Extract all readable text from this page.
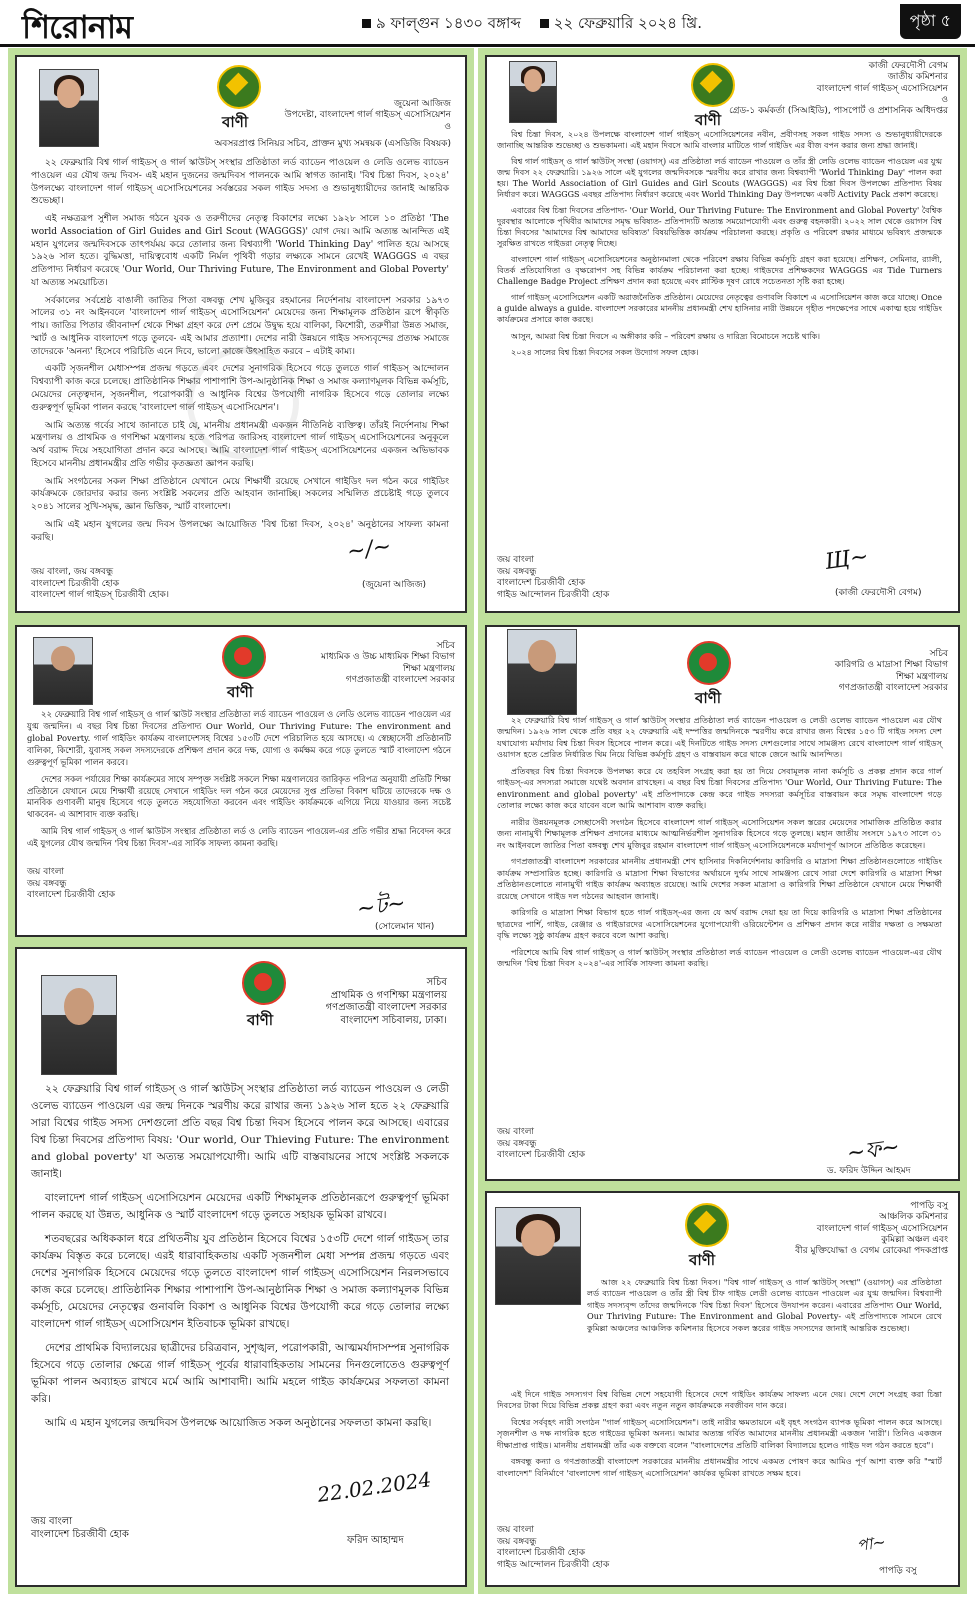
শিরোনাম	৯ ফাল্গুন ১৪৩০ বঙ্গাব্দ ২২ ফেব্রুয়ারি ২০২৪ খ্রি.	পৃষ্ঠা ৫
বাণী
জুয়েনা আজিজ
উপদেষ্টা, বাংলাদেশ গার্ল গাইডস্ এসোসিয়েশন
ও
অবসরপ্রাপ্ত সিনিয়র সচিব, প্রাক্তন মুখ্য সমন্বয়ক (এসডিজি বিষয়ক)

২২ ফেব্রুয়ারি বিশ্ব গার্ল গাইডস্ ও গার্ল স্কাউটস্ সংস্থার প্রতিষ্ঠাতা লর্ড ব্যাডেন পাওয়েল ও লেডি ওলেভ ব্যাডেন পাওয়েল এর যৌথ জন্ম দিবস- এই মহান দুজনের জন্মদিবস পালনকে আমি স্বাগত জানাই। 'বিশ্ব চিন্তা দিবস, ২০২৪' উপলক্ষ্যে বাংলাদেশ গার্ল গাইডস্ এসোসিয়েশনের সর্বস্তরের সকল গাইড সদস্য ও শুভানুধ্যায়ীদের জানাই আন্তরিক শুভেচ্ছা।

এই নক্ষত্ররূপ সুশীল সমাজ গঠনে যুবক ও তরুণীদের নেতৃত্ব বিকাশের লক্ষ্যে ১৯২৮ সালে ১০ প্রতিষ্ঠা 'The world Association of Girl Guides and Girl Scout (WAGGGS)' যোগ দেয়। আমি অত্যন্ত আনন্দিত এই মহান যুগলের জন্মদিবসকে তাৎপর্যময় করে তোলার জন্য বিশ্বব্যাপী 'World Thinking Day' পালিত হয়ে আসছে ১৯২৬ সাল হতে। বুদ্ধিমত্তা, দায়িত্ববোধ একটি নির্মল পৃথিবী গড়ার লক্ষ্যকে সামনে রেখেই WAGGGS এ বছর প্রতিপাদ্য নির্ধারণ করেছে 'Our World, Our Thriving Future, The Environment and Global Poverty' যা অত্যন্ত সময়োচিত।

সর্বকালের সর্বশ্রেষ্ঠ বাঙালী জাতির পিতা বঙ্গবন্ধু শেখ মুজিবুর রহমানের নির্দেশনায় বাংলাদেশ সরকার ১৯৭৩ সালের ৩১ নং আইনবলে 'বাংলাদেশ গার্ল গাইডস্ এসোসিয়েশন' মেয়েদের জন্য শিক্ষামূলক প্রতিষ্ঠান রূপে স্বীকৃতি পায়। জাতির পিতার জীবনাদর্শ থেকে শিক্ষা গ্রহণ করে দেশ প্রেমে উদ্বুদ্ধ হয়ে বালিকা, কিশোরী, তরুণীরা উন্নত সমাজ, স্মার্ট ও আধুনিক বাংলাদেশ গড়ে তুলবে- এই আমার প্রত্যাশা। দেশের নারী উন্নয়নে গাইড সদস্যবৃন্দের প্রত্যক্ষ সমাজে তাদেরকে 'অনন্য' হিসেবে পরিচিতি এনে দিবে, ভালো কাজে উৎসাহিত করবে – এটাই কাম্য।

একটি সৃজনশীল মেধাসম্পন্ন প্রজন্ম গড়তে এবং দেশের সুনাগরিক হিসেবে গড়ে তুলতে গার্ল গাইডস্ আন্দোলন বিশ্বব্যাপী কাজ করে চলেছে। প্রাতিষ্ঠানিক শিক্ষার পাশাপাশি উপ-আনুষ্ঠানিক শিক্ষা ও সমাজ কল্যাণমূলক বিভিন্ন কর্মসূচি, মেয়েদের নেতৃত্বদান, সৃজনশীল, পরোপকারী ও আধুনিক বিশ্বের উপযোগী নাগরিক হিসেবে গড়ে তোলার লক্ষ্যে গুরুত্বপূর্ণ ভূমিকা পালন করছে 'বাংলাদেশ গার্ল গাইডস্ এসোসিয়েশন'।

আমি অত্যন্ত গর্বের সাথে জানাতে চাই যে, মাননীয় প্রধানমন্ত্রী একজন নীতিনিষ্ঠ ব্যক্তিত্ব। তাঁরই নির্দেশনায় শিক্ষা মন্ত্রণালয় ও প্রাথমিক ও গণশিক্ষা মন্ত্রণালয় হতে পরিপত্র জারিসহ বাংলাদেশ গার্ল গাইডস্ এসোসিয়েশনের অনুকূলে অর্থ বরাদ্দ দিয়ে সহযোগিতা প্রদান করে আসছে। আমি বাংলাদেশ গার্ল গাইডস্ এসোসিয়েশনের একজন অভিভাবক হিসেবে মাননীয় প্রধানমন্ত্রীর প্রতি গভীর কৃতজ্ঞতা জ্ঞাপন করছি।

আমি সংগঠনের সকল শিক্ষা প্রতিষ্ঠানে যেখানে মেয়ে শিক্ষার্থী রয়েছে সেখানে গাইডিং দল গঠন করে গাইডিং কার্যক্রমকে জোরদার করার জন্য সংশ্লিষ্ট সকলের প্রতি আহবান জানাচ্ছি। সকলের সম্মিলিত প্রচেষ্টাই গড়ে তুলবে ২০৪১ সালের সুখি-সমৃদ্ধ, জ্ঞান ভিত্তিক, স্মার্ট বাংলাদেশ।

আমি এই মহান যুগলের জন্ম দিবস উপলক্ষ্যে আয়োজিত 'বিশ্ব চিন্তা দিবস, ২০২৪' অনুষ্ঠানের সাফল্য কামনা করছি।

জয় বাংলা, জয় বঙ্গবন্ধু
বাংলাদেশ চিরজীবী হোক
বাংলাদেশ গার্ল গাইডস্ চিরজীবী হোক।
~/~
(জুয়েনা আজিজ)
বাণী
কাজী ফেরদৌসী বেগম
জাতীয় কমিশনার
বাংলাদেশ গার্ল গাইডস্ এসোসিয়েশন
ও
গ্রেড-১ কর্মকর্তা (সিআইডি), পাসপোর্ট ও প্রশাসনিক অধিদপ্তর

বিশ্ব চিন্তা দিবস, ২০২৪ উপলক্ষে বাংলাদেশ গার্ল গাইডস্ এসোসিয়েশনের নবীন, প্রবীণসহ সকল গাইড সদস্য ও শুভানুধ্যায়ীদেরকে জানাচ্ছি আন্তরিক শুভেচ্ছা ও শুভকামনা। এই মহান দিবসে আমি বাংলার মাটিতে গার্ল গাইডিং এর বীজ বপন করার জন্য শ্রদ্ধা জানাই।

বিশ্ব গার্ল গাইডস্ ও গার্ল স্কাউটস্ সংস্থা (ওয়াগস্) এর প্রতিষ্ঠাতা লর্ড ব্যাডেন পাওয়েল ও তাঁর স্ত্রী লেডি ওলেভ ব্যাডেন পাওয়েল এর যুগ্ম জন্ম দিবস ২২ ফেব্রুয়ারি। ১৯২৬ সালে এই যুগলের জন্মদিবসকে স্মরণীয় করে রাখার জন্য বিশ্বব্যাপী 'World Thinking Day' পালন করা হয়। The World Association of Girl Guides and Girl Scouts (WAGGGS) এর বিশ্ব চিন্তা দিবস উপলক্ষ্যে প্রতিপাদ্য বিষয় নির্ধারণ করে। WAGGGS এবছর প্রতিপাদ্য নির্ধারণ করেছে এবং World Thinking Day উপলক্ষ্যে একটি Activity Pack প্রকাশ করেছে।

এবারের বিশ্ব চিন্তা দিবসের প্রতিপাদ্য- 'Our World, Our Thriving Future: The Environment and Global Poverty' বৈশ্বিক দুরবস্থার আলোকে পৃথিবীর আমাদের সমৃদ্ধ ভবিষ্যত- প্রতিপাদ্যটি অত্যন্ত সময়োপযোগী এবং গুরুত্ব বহনকারী। ২০২২ সাল থেকে ওয়াগস বিশ্ব চিন্তা দিবসের 'আমাদের বিশ্ব আমাদের ভবিষ্যত' বিষয়ভিত্তিক কার্যক্রম পরিচালনা করছে। প্রকৃতি ও পরিবেশ রক্ষার মাধ্যমে ভবিষ্যৎ প্রজন্মকে সুরক্ষিত রাখতে গাইডরা নেতৃত্ব দিচ্ছে।

বাংলাদেশ গার্ল গাইডস্ এসোসিয়েশনের অনুষ্ঠানমালা থেকে পরিবেশ রক্ষায় বিভিন্ন কর্মসূচি গ্রহণ করা হয়েছে। প্রশিক্ষণ, সেমিনার, র‍্যালী, বিতর্ক প্রতিযোগিতা ও বৃক্ষরোপণ সহ বিভিন্ন কার্যক্রম পরিচালনা করা হচ্ছে। গাইডদের প্রশিক্ষকদের WAGGGS এর Tide Turners Challenge Badge Project প্রশিক্ষণ প্রদান করা হয়েছে এবং প্লাস্টিক দূষণ রোধে সচেতনতা সৃষ্টি করা হচ্ছে।

গার্ল গাইডস্ এসোসিয়েশন একটি অরাজনৈতিক প্রতিষ্ঠান। মেয়েদের নেতৃত্বের গুণাবলি বিকাশে এ এসোসিয়েশন কাজ করে যাচ্ছে। Once a guide always a guide. বাংলাদেশ সরকারের মাননীয় প্রধানমন্ত্রী শেখ হাসিনার নারী উন্নয়নে গৃহীত পদক্ষেপের সাথে একাত্ম হয়ে গাইডিং কার্যক্রমের প্রসারে কাজ করছে।

আসুন, আমরা বিশ্ব চিন্তা দিবসে এ অঙ্গীকার করি – পরিবেশ রক্ষায় ও দারিদ্র্য বিমোচনে সচেষ্ট থাকি।

২০২৪ সালের বিশ্ব চিন্তা দিবসের সকল উদ্যোগ সফল হোক।

জয় বাংলা
জয় বঙ্গবন্ধু
বাংলাদেশ চিরজীবী হোক
গাইড আন্দোলন চিরজীবী হোক
Щ~
(কাজী ফেরদৌসী বেগম)
বাণী
সচিব
মাধ্যমিক ও উচ্চ মাধ্যমিক শিক্ষা বিভাগ
শিক্ষা মন্ত্রণালয়
গণপ্রজাতন্ত্রী বাংলাদেশ সরকার

২২ ফেব্রুয়ারি বিশ্ব গার্ল গাইডস্ ও গার্ল স্কাউট সংস্থার প্রতিষ্ঠাতা লর্ড ব্যাডেন পাওয়েল ও লেডি ওলেভ ব্যাডেন পাওয়েল এর যুগ্ম জন্মদিন। এ বছর বিশ্ব চিন্তা দিবসের প্রতিপাদ্য Our World, Our Thriving Future: The environment and global Poverty. গার্ল গাইডিং কার্যক্রম বাংলাদেশসহ বিশ্বের ১৫৩টি দেশে পরিচালিত হয়ে আসছে। এ স্বেচ্ছাসেবী প্রতিষ্ঠানটি বালিকা, কিশোরী, যুবাসহ সকল সদস্যদেরকে প্রশিক্ষণ প্রদান করে দক্ষ, যোগ্য ও কর্মক্ষম করে গড়ে তুলতে স্মার্ট বাংলাদেশ গঠনে গুরুত্বপূর্ণ ভূমিকা পালন করবে।

দেশের সকল পর্যায়ের শিক্ষা কার্যক্রমের সাথে সম্পৃক্ত সংশ্লিষ্ট সকলে শিক্ষা মন্ত্রণালয়ের জারিকৃত পরিপত্র অনুযায়ী প্রতিটি শিক্ষা প্রতিষ্ঠানে যেখানে মেয়ে শিক্ষার্থী রয়েছে সেখানে গাইডিং দল গঠন করে মেয়েদের সুপ্ত প্রতিভা বিকাশ ঘটিয়ে তাদেরকে দক্ষ ও মানবিক গুণাবলী মানুষ হিসেবে গড়ে তুলতে সহযোগিতা করবেন এবং গাইডিং কার্যক্রমকে এগিয়ে নিয়ে যাওয়ার জন্য সচেষ্ট থাকবেন- এ আশাবাদ ব্যক্ত করছি।

আমি বিশ্ব গার্ল গাইডস্ ও গার্ল স্কাউটস সংস্থার প্রতিষ্ঠাতা লর্ড ও লেডি ব্যাডেন পাওয়েল-এর প্রতি গভীর শ্রদ্ধা নিবেদন করে এই যুগলের যৌথ জন্মদিন 'বিশ্ব চিন্তা দিবস'-এর সার্বিক সাফল্য কামনা করছি।

জয় বাংলা
জয় বঙ্গবন্ধু
বাংলাদেশ চিরজীবী হোক	~ট~
(সোলেমান খান)
বাণী
সচিব
কারিগরি ও মাদ্রাসা শিক্ষা বিভাগ
শিক্ষা মন্ত্রণালয়
গণপ্রজাতন্ত্রী বাংলাদেশ সরকার

২২ ফেব্রুয়ারি বিশ্ব গার্ল গাইডস্ ও গার্ল স্কাউটস্ সংস্থার প্রতিষ্ঠাতা লর্ড ব্যাডেন পাওয়েল ও লেডী ওলেভ ব্যাডেন পাওয়েল এর যৌথ জন্মদিন। ১৯২৬ সাল থেকে প্রতি বছর ২২ ফেব্রুয়ারি এই দম্পত্তির জন্মদিনকে স্মরণীয় করে রাখার জন্য বিশ্বের ১৫৩ টি গাইড সদস্য দেশ যথাযোগ্য মর্যাদায় বিশ্ব চিন্তা দিবস হিসেবে পালন করে। এই দিনটিতে গাইড সদস্য দেশগুলোর সাথে সামঞ্জস্য রেখে বাংলাদেশ গার্ল গাইডস্ ওয়াগস হতে প্রেরিত নির্ধারিত থিম নিয়ে বিভিন্ন কর্মসূচি গ্রহণ ও বাস্তবায়ন করে থাকে জেনে আমি আনন্দিত।

প্রতিবছর বিশ্ব চিন্তা দিবসকে উপলক্ষ্য করে যে তহবিল সংগ্রহ করা হয় তা দিয়ে সেবামূলক নানা কর্মসূচি ও প্রকল্প প্রদান করে গার্ল গাইডস্-এর সদস্যরা সমাজে যথেষ্ট অবদান রাখছেন। এ বছর বিশ্ব চিন্তা দিবসের প্রতিপাদ্য 'Our World, Our Thriving Future: The environment and global poverty' এই প্রতিপাদ্যকে কেন্দ্র করে গাইড সদস্যরা কর্মসূচির বাস্তবায়ন করে সমৃদ্ধ বাংলাদেশ গড়ে তোলার লক্ষ্যে কাজ করে যাবেন বলে আমি আশাবাদ ব্যক্ত করছি।

নারীর উন্নয়নমূলক সেচ্ছাসেবী সংগঠন হিসেবে বাংলাদেশ গার্ল গাইডস্ এসোসিয়েশন সকল স্তরের মেয়েদের সামাজিক প্রতিষ্ঠিত করার জন্য নানামুখী শিক্ষামূলক প্রশিক্ষণ প্রদানের মাধ্যমে আত্মনির্ভরশীল সুনাগরিক হিসেবে গড়ে তুলছে। মহান জাতীয় সংসদে ১৯৭৩ সালে ৩১ নং আইনবলে জাতির পিতা বঙ্গবন্ধু শেখ মুজিবুর রহমান বাংলাদেশ গার্ল গাইডস্ এসোসিয়েশনকে মর্যাদাপূর্ণ আসনে প্রতিষ্ঠিত করেছেন।

গণপ্রজাতন্ত্রী বাংলাদেশ সরকারের মাননীয় প্রধানমন্ত্রী শেখ হাসিনার দিকনির্দেশনায় কারিগরি ও মাদ্রাসা শিক্ষা প্রতিষ্ঠানগুলোতে গাইডিং কার্যক্রম সম্প্রসারিত হচ্ছে। কারিগরি ও মাদ্রাসা শিক্ষা বিভাগের অর্থায়নে দুর্গম সাথে সামঞ্জস্য রেখে সারা দেশে কারিগরি ও মাদ্রাসা শিক্ষা প্রতিষ্ঠানগুলোতে নানামুখী গাইড কার্যক্রম অব্যাহত রয়েছে। আমি দেশের সকল মাদ্রাসা ও কারিগরি শিক্ষা প্রতিষ্ঠানে যেখানে মেয়ে শিক্ষার্থী রয়েছে সেখানে গাইড দল গঠনের আহবান জানাই।

কারিগরি ও মাদ্রাসা শিক্ষা বিভাগ হতে গার্ল গাইডস্-এর জন্য যে অর্থ বরাদ্দ দেয়া হয় তা দিয়ে কারিগরি ও মাদ্রাসা শিক্ষা প্রতিষ্ঠানের ছাত্রদের পার্শি, গাইড, রেঞ্জার ও গাইডারদের এসোসিয়েশনের যুগোপযোগী ওরিয়েন্টেশন ও প্রশিক্ষণ প্রদান করে নারীর দক্ষতা ও সক্ষমতা বৃদ্ধি লক্ষ্যে সুষ্ঠু কার্যক্রম গ্রহণ করবে বলে আশা করছি।

পরিশেষে আমি বিশ্ব গার্ল গাইডস্ ও গার্ল স্কাউটস্ সংস্থার প্রতিষ্ঠাতা লর্ড ব্যাডেন পাওয়েল ও লেডী ওলেভ ব্যাডেন পাওয়েল-এর যৌথ জন্মদিন 'বিশ্ব চিন্তা দিবস ২০২৪'-এর সার্বিক সাফল্য কামনা করছি।

জয় বাংলা
জয় বঙ্গবন্ধু
বাংলাদেশ চিরজীবী হোক	~ফ~
ড. ফরিদ উদ্দিন আহমদ
বাণী
সচিব
প্রাথমিক ও গণশিক্ষা মন্ত্রণালয়
গণপ্রজাতন্ত্রী বাংলাদেশ সরকার
বাংলাদেশ সচিবালয়, ঢাকা।

২২ ফেব্রুয়ারি বিশ্ব গার্ল গাইডস্ ও গার্ল স্কাউটস্ সংস্থার প্রতিষ্ঠাতা লর্ড ব্যাডেন পাওয়েল ও লেডী ওলেভ ব্যাডেন পাওয়েল এর জন্ম দিনকে স্মরণীয় করে রাখার জন্য ১৯২৬ সাল হতে ২২ ফেব্রুয়ারি সারা বিশ্বের গাইড সদস্য দেশগুলো প্রতি বছর বিশ্ব চিন্তা দিবস হিসেবে পালন করে আসছে। এবারের বিশ্ব চিন্তা দিবসের প্রতিপাদ্য বিষয়: 'Our world, Our Thieving Future: The environment and global poverty' যা অত্যন্ত সময়োপযোগী। আমি এটি বাস্তবায়নের সাথে সংশ্লিষ্ট সকলকে জানাই।

বাংলাদেশ গার্ল গাইডস্ এসোসিয়েশন মেয়েদের একটি শিক্ষামূলক প্রতিষ্ঠানরূপে গুরুত্বপূর্ণ ভূমিকা পালন করছে যা উন্নত, আধুনিক ও স্মার্ট বাংলাদেশ গড়ে তুলতে সহায়ক ভূমিকা রাখবে।

শতবছরের অধিককাল ধরে প্রথিতনীয় যুব প্রতিষ্ঠান হিসেবে বিশ্বের ১৫৩টি দেশে গার্ল গাইডস্ তার কার্যক্রম বিস্তৃত করে চলেছে। এরই ধারাবাহিকতায় একটি সৃজনশীল মেধা সম্পন্ন প্রজন্ম গড়তে এবং দেশের সুনাগরিক হিসেবে মেয়েদের গড়ে তুলতে বাংলাদেশ গার্ল গাইডস্ এসোসিয়েশন নিরলসভাবে কাজ করে চলেছে। প্রাতিষ্ঠানিক শিক্ষার পাশাপাশি উপ-আনুষ্ঠানিক শিক্ষা ও সমাজ কল্যাণমূলক বিভিন্ন কর্মসূচি, মেয়েদের নেতৃত্বের গুনাবলি বিকাশ ও আধুনিক বিশ্বের উপযোগী করে গড়ে তোলার লক্ষ্যে বাংলাদেশ গার্ল গাইডস্ এসোসিয়েশন ইতিবাচক ভূমিকা রাখছে।

দেশের প্রাথমিক বিদ্যালয়ের ছাত্রীদের চরিত্রবান, সুশৃঙ্খল, পরোপকারী, আত্মমর্যাদাসম্পন্ন সুনাগরিক হিসেবে গড়ে তোলার ক্ষেত্রে গার্ল গাইডস্ পূর্বের ধারাবাহিকতায় সামনের দিনগুলোতেও গুরুত্বপূর্ণ ভূমিকা পালন অব্যাহত রাখবে মর্মে আমি আশাবাদী। আমি মহলে গাইড কার্যক্রমের সফলতা কামনা করি।

আমি এ মহান যুগলের জন্মদিবস উপলক্ষে আয়োজিত সকল অনুষ্ঠানের সফলতা কামনা করছি।

জয় বাংলা
বাংলাদেশ চিরজীবী হোক
22.02.2024
ফরিদ আহাম্মদ
বাণী
পাপড়ি বসু
আঞ্চলিক কমিশনার
বাংলাদেশ গার্ল গাইডস্ এসোসিয়েশন
কুমিল্লা অঞ্চল এবং
বীর মুক্তিযোদ্ধা ও বেগম রোকেয়া পদকপ্রাপ্ত

আজ ২২ ফেব্রুয়ারি বিশ্ব চিন্তা দিবস। "বিশ্ব গার্ল গাইডস্ ও গার্ল স্কাউটস্ সংস্থা" (ওয়াগস্) এর প্রতিষ্ঠাতা লর্ড ব্যাডেন পাওয়েল ও তাঁর স্ত্রী বিশ্ব চীফ গাইড লেডী ওলেভ ব্যাডেন পাওয়েল এর যুগ্ম জন্মদিন। বিশ্বব্যাপী গাইড সদস্যবৃন্দ তাঁদের জন্মদিনকে 'বিশ্ব চিন্তা দিবস' হিসেবে উদযাপন করেন। এবারের প্রতিপাদ্য Our World, Our Thriving Future: The Environment and Global Poverty- এই প্রতিপাদ্যকে সামনে রেখে কুমিল্লা অঞ্চলের আঞ্চলিক কমিশনার হিসেবে সকল স্তরের গাইড সদস্যদের জানাই আন্তরিক শুভেচ্ছা।

এই দিনে গাইড সদস্যগণ বিশ্ব বিভিন্ন দেশে সহযোগী হিসেবে দেশে গাইডিং কার্যক্রম সাফল্য এনে দেয়। দেশে দেশে সংগ্রহ করা চিন্তা দিবসের টাকা দিয়ে বিভিন্ন প্রকল্প গ্রহণ করা এবং নতুন নতুন কার্যক্রমকে নবজীবন দান করে।

বিশ্বের সর্ববৃহৎ নারী সংগঠন "গার্ল গাইডস্ এসোসিয়েশন"। তাই নারীর ক্ষমতায়নে এই বৃহৎ সংগঠন ব্যাপক ভূমিকা পালন করে আসছে। সৃজনশীল ও দক্ষ নাগরিক হতে গাইডের ভূমিকা অনন্য। আমার অত্যন্ত গর্বিত আমাদের মাননীয় প্রধানমন্ত্রী একজন 'নারী'। তিনিও একজন দীক্ষাপ্রাপ্ত গাইড। মাননীয় প্রধানমন্ত্রী তাঁর এক বক্তব্যে বলেন "বাংলাদেশের প্রতিটি বালিকা বিদ্যালয়ে হলেও গাইড দল গঠন করতে হবে"।

বঙ্গবন্ধু কন্যা ও গণপ্রজাতন্ত্রী বাংলাদেশ সরকারের মাননীয় প্রধানমন্ত্রীর সাথে একমত পোষণ করে আমিও পূর্ণ আশা ব্যক্ত করি "স্মার্ট বাংলাদেশ" বিনির্মাণে 'বাংলাদেশ গার্ল গাইডস্ এসোসিয়েশন' কার্যকর ভূমিকা রাখতে সক্ষম হবে।

জয় বাংলা
জয় বঙ্গবন্ধু
বাংলাদেশ চিরজীবী হোক
গাইড আন্দোলন চিরজীবী হোক
পা~
পাপড়ি বসু
